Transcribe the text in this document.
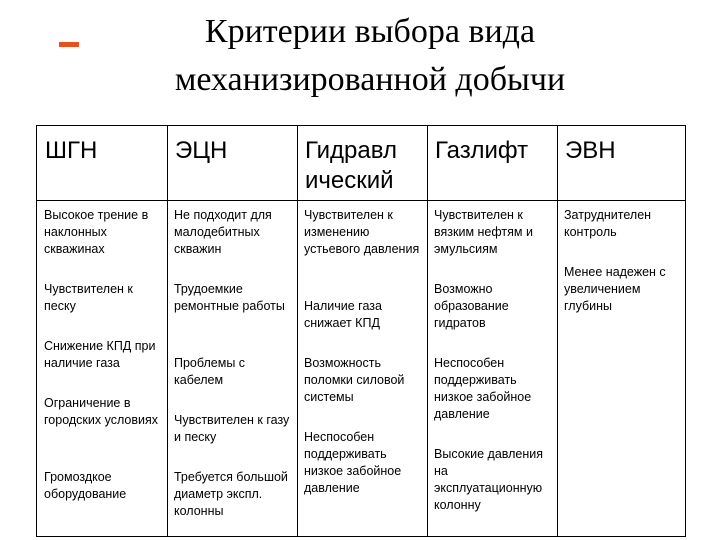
Критерии выбора вида
механизированной добычи
ШГН
Высокое трение в наклонных скважинах
Чувствителен к песку
Снижение КПД при наличие газа
Ограничение в городских условиях
Громоздкое оборудование
ЭЦН
Не подходит для малодебитных скважин
Трудоемкие ремонтные работы
Проблемы с кабелем
Чувствителен к газу и песку
Требуется большой диаметр экспл. колонны
Гидравл
ический
Чувствителен к изменению устьевого давления
Наличие газа снижает КПД
Возможность поломки силовой системы
Неспособен поддерживать низкое забойное давление
Газлифт
Чувствителен к вязким нефтям и эмульсиям
Возможно образование гидратов
Неспособен поддерживать низкое забойное давление
Высокие давления на эксплуатационную колонну
ЭВН
Затруднителен контроль
Менее надежен с увеличением глубины
